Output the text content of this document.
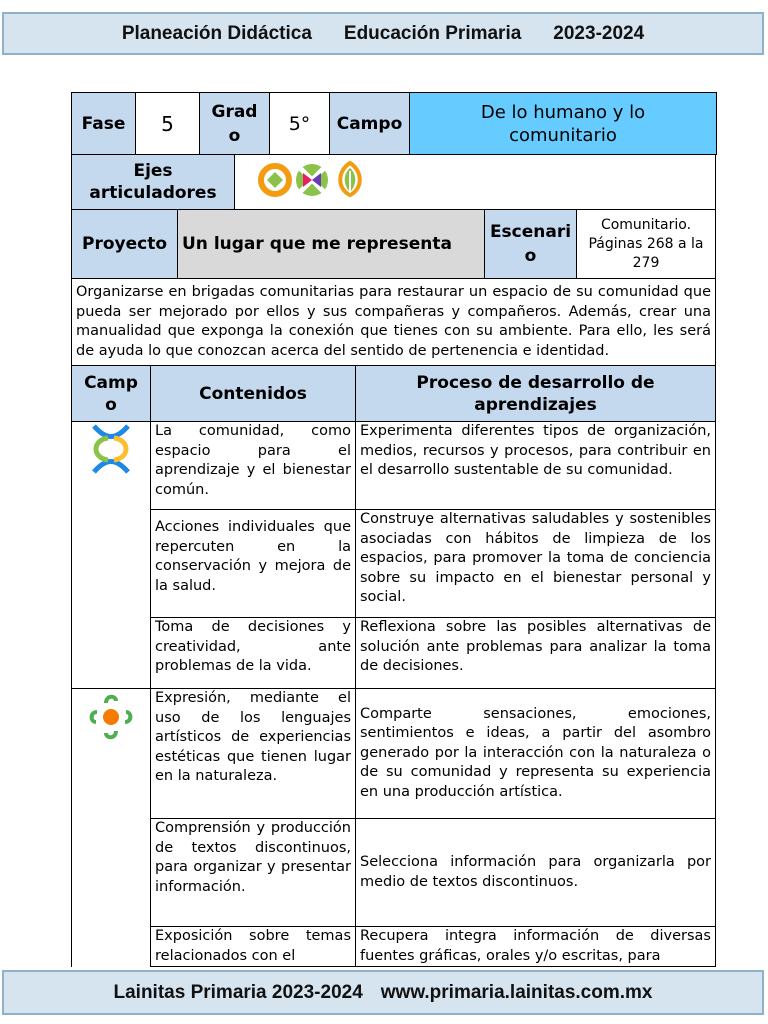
Planeación Didáctica Educación Primaria 2023-2024
Fase	5	Grad o	5°	Campo	De lo humano y lo comunitario
Ejes articuladores	
Proyecto	Un lugar que me representa	Escenari o	Comunitario. Páginas 268 a la 279
Organizarse en brigadas comunitarias para restaurar un espacio de su comunidad que pueda ser mejorado por ellos y sus compañeras y compañeros. Además, crear una manualidad que exponga la conexión que tienes con su ambiente. Para ello, les será de ayuda lo que conozcan acerca del sentido de pertenencia e identidad.
Camp o	Contenidos	Proceso de desarrollo de aprendizajes
	La comunidad, como espacio para el aprendizaje y el bienestar común.	Experimenta diferentes tipos de organización, medios, recursos y procesos, para contribuir en el desarrollo sustentable de su comunidad.
	Acciones individuales que repercuten en la conservación y mejora de la salud.	Construye alternativas saludables y sostenibles asociadas con hábitos de limpieza de los espacios, para promover la toma de conciencia sobre su impacto en el bienestar personal y social.
	Toma de decisiones y creatividad, ante problemas de la vida.	Reflexiona sobre las posibles alternativas de solución ante problemas para analizar la toma de decisiones.
	Expresión, mediante el uso de los lenguajes artísticos de experiencias estéticas que tienen lugar en la naturaleza.	Comparte sensaciones, emociones, sentimientos e ideas, a partir del asombro generado por la interacción con la naturaleza o de su comunidad y representa su experiencia en una producción artística.
	Comprensión y producción de textos discontinuos, para organizar y presentar información.	Selecciona información para organizarla por medio de textos discontinuos.
	Exposición sobre temas relacionados con el	Recupera integra información de diversas fuentes gráficas, orales y/o escritas, para
Lainitas Primaria 2023-2024 www.primaria.lainitas.com.mx
